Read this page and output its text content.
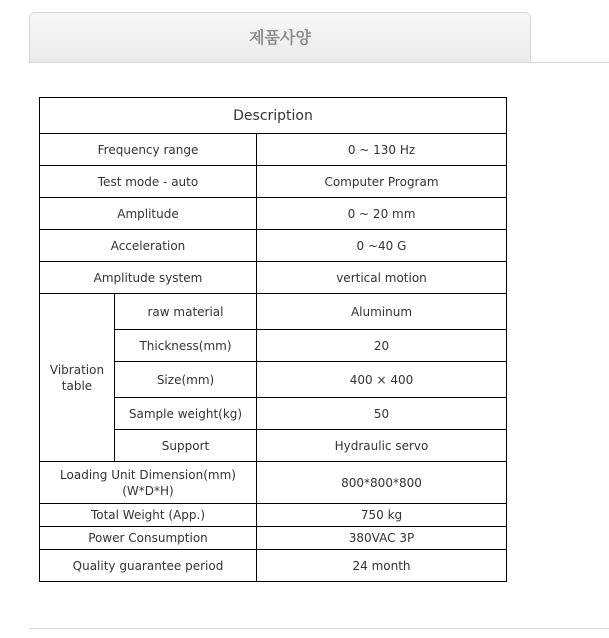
제품사양
Description		
Frequency range		0 ~ 130 Hz
Test mode - auto		Computer Program
Amplitude		0 ~ 20 mm
Acceleration		0 ~40 G
Amplitude system		vertical motion

Vibration
table	raw material	Aluminum
	Thickness(mm)	20
	Size(mm)	400 × 400
	Sample weight(kg)	50
	Support	Hydraulic servo

Loading Unit Dimension(mm)
(W*D*H)		800*800*800
Total Weight (App.)		750 kg
Power Consumption		380VAC 3P
Quality guarantee period		24 month
